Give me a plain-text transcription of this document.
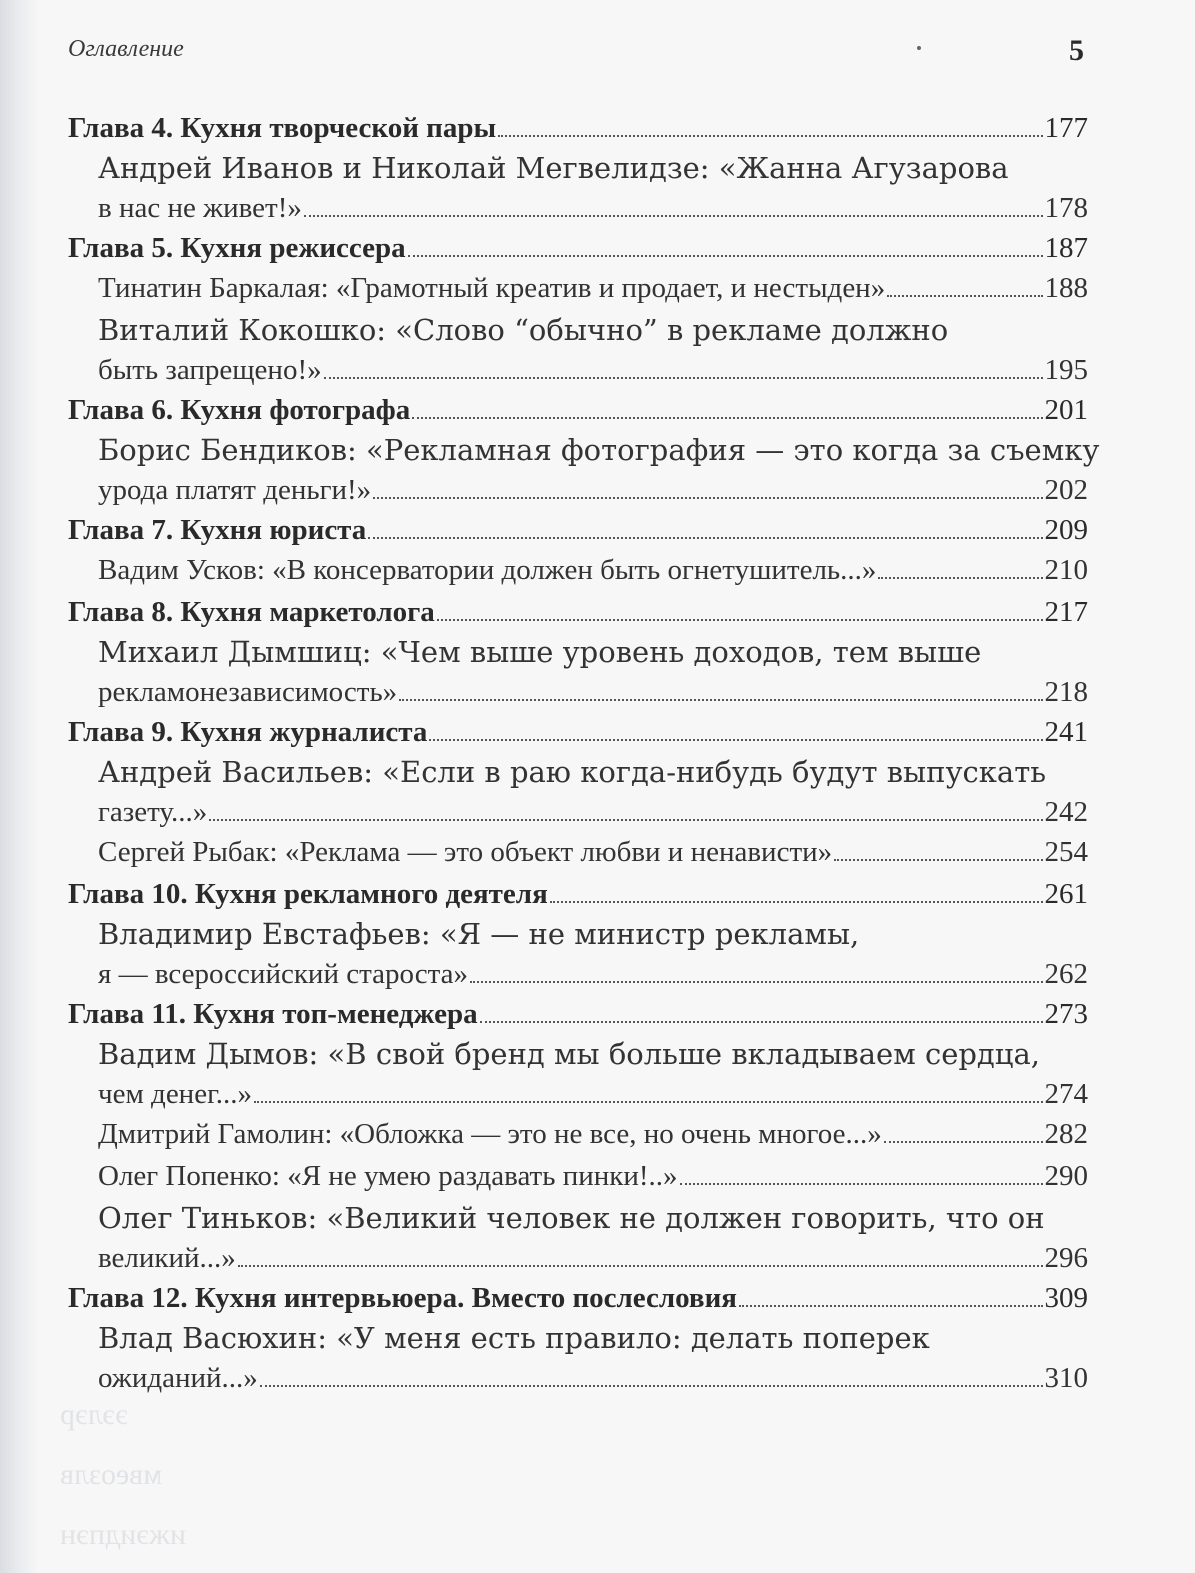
ээлэр
мвеозлв
ижэидпэн
Оглавление	5
Глава 4. Кухня творческой пары	177
Андрей Иванов и Николай Мегвелидзе: «Жанна Агузарова
в нас не живет!»	178
Глава 5. Кухня режиссера	187
Тинатин Баркалая: «Грамотный креатив и продает, и нестыден»	188
Виталий Кокошко: «Слово “обычно” в рекламе должно
быть запрещено!»	195
Глава 6. Кухня фотографа	201
Борис Бендиков: «Рекламная фотография — это когда за съемку
урода платят деньги!»	202
Глава 7. Кухня юриста	209
Вадим Усков: «В консерватории должен быть огнетушитель...»	210
Глава 8. Кухня маркетолога	217
Михаил Дымшиц: «Чем выше уровень доходов, тем выше
рекламонезависимость»	218
Глава 9. Кухня журналиста	241
Андрей Васильев: «Если в раю когда-нибудь будут выпускать
газету...»	242
Сергей Рыбак: «Реклама — это объект любви и ненависти»	254
Глава 10. Кухня рекламного деятеля	261
Владимир Евстафьев: «Я — не министр рекламы,
я — всероссийский староста»	262
Глава 11. Кухня топ-менеджера	273
Вадим Дымов: «В свой бренд мы больше вкладываем сердца,
чем денег...»	274
Дмитрий Гамолин: «Обложка — это не все, но очень многое...»	282
Олег Попенко: «Я не умею раздавать пинки!..»	290
Олег Тиньков: «Великий человек не должен говорить, что он
великий...»	296
Глава 12. Кухня интервьюера. Вместо послесловия	309
Влад Васюхин: «У меня есть правило: делать поперек
ожиданий...»	310
